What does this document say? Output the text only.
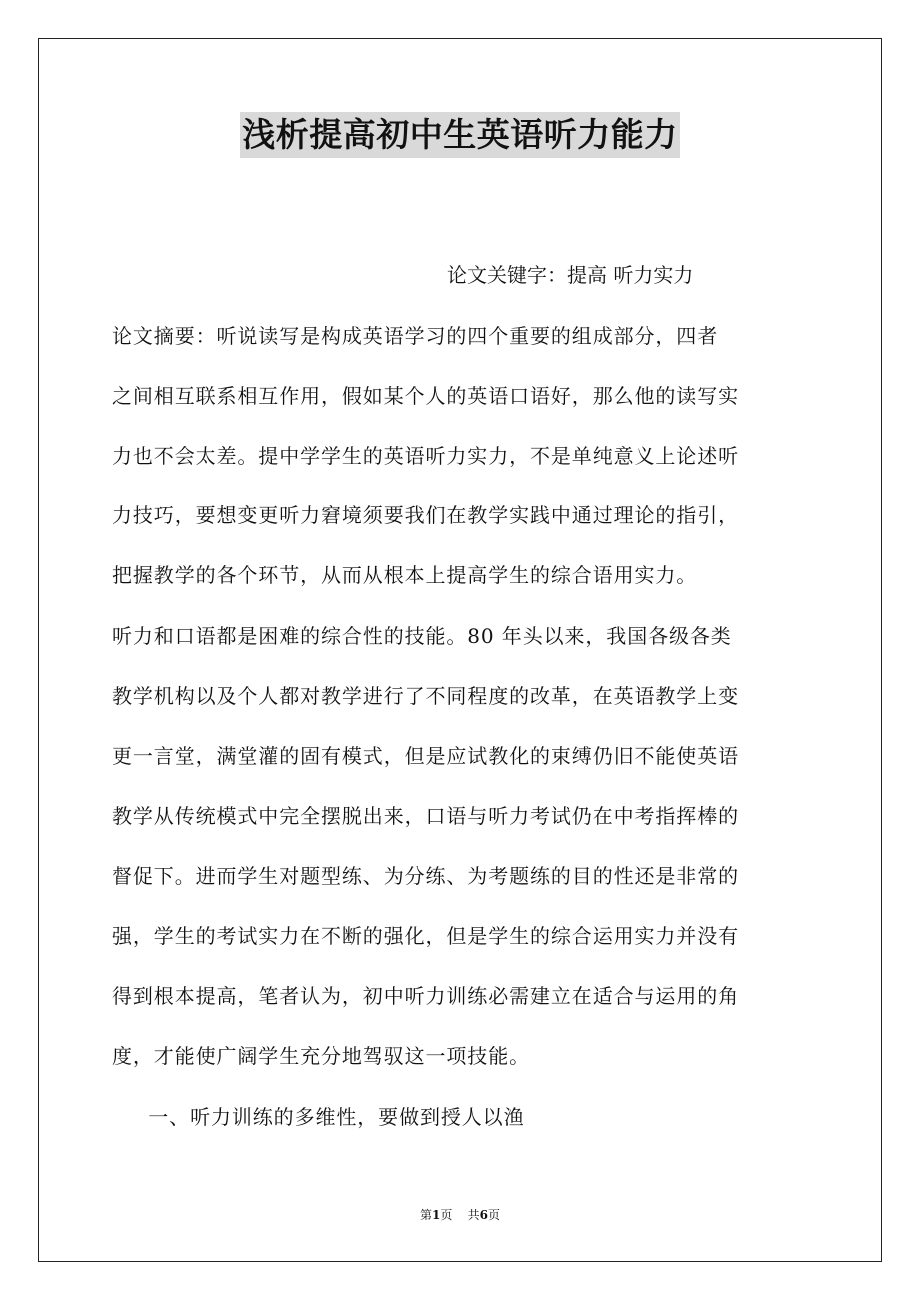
浅析提高初中生英语听力能力
论文关键字：提高 听力实力
论文摘要：听说读写是构成英语学习的四个重要的组成部分，四者
之间相互联系相互作用，假如某个人的英语口语好，那么他的读写实
力也不会太差。提中学学生的英语听力实力，不是单纯意义上论述听
力技巧，要想变更听力窘境须要我们在教学实践中通过理论的指引，
把握教学的各个环节，从而从根本上提高学生的综合语用实力。
听力和口语都是困难的综合性的技能。80 年头以来，我国各级各类
教学机构以及个人都对教学进行了不同程度的改革，在英语教学上变
更一言堂，满堂灌的固有模式，但是应试教化的束缚仍旧不能使英语
教学从传统模式中完全摆脱出来，口语与听力考试仍在中考指挥棒的
督促下。进而学生对题型练、为分练、为考题练的目的性还是非常的
强，学生的考试实力在不断的强化，但是学生的综合运用实力并没有
得到根本提高，笔者认为，初中听力训练必需建立在适合与运用的角
度，才能使广阔学生充分地驾驭这一项技能。
一、听力训练的多维性，要做到授人以渔
第1页 共6页
